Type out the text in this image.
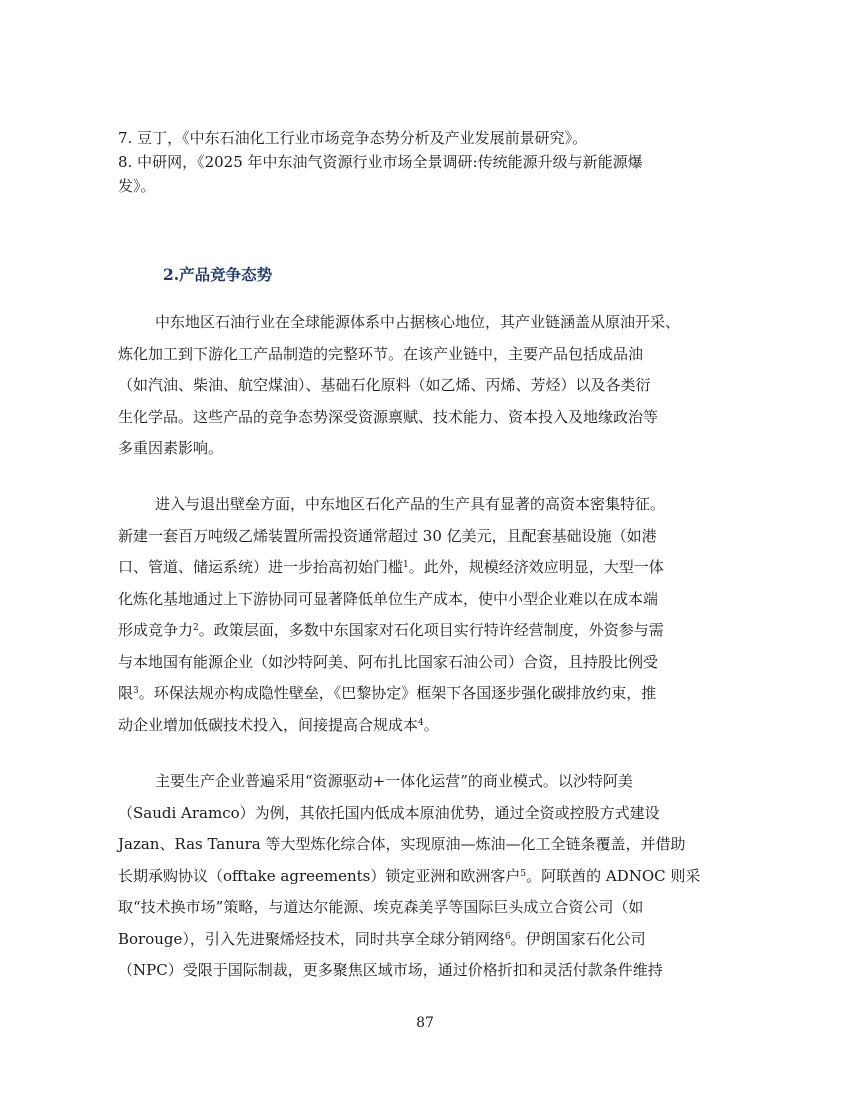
7. 豆丁，《中东石油化工行业市场竞争态势分析及产业发展前景研究》。
8. 中研网，《2025 年中东油气资源行业市场全景调研:传统能源升级与新能源爆
发》。
2.产品竞争态势
中东地区石油行业在全球能源体系中占据核心地位，其产业链涵盖从原油开采、
炼化加工到下游化工产品制造的完整环节。在该产业链中，主要产品包括成品油
（如汽油、柴油、航空煤油）、基础石化原料（如乙烯、丙烯、芳烃）以及各类衍
生化学品。这些产品的竞争态势深受资源禀赋、技术能力、资本投入及地缘政治等
多重因素影响。
进入与退出壁垒方面，中东地区石化产品的生产具有显著的高资本密集特征。
新建一套百万吨级乙烯装置所需投资通常超过 30 亿美元，且配套基础设施（如港
口、管道、储运系统）进一步抬高初始门槛$^1$。此外，规模经济效应明显，大型一体
化炼化基地通过上下游协同可显著降低单位生产成本，使中小型企业难以在成本端
形成竞争力$^2$。政策层面，多数中东国家对石化项目实行特许经营制度，外资参与需
与本地国有能源企业（如沙特阿美、阿布扎比国家石油公司）合资，且持股比例受
限$^3$。环保法规亦构成隐性壁垒，《巴黎协定》框架下各国逐步强化碳排放约束，推
动企业增加低碳技术投入，间接提高合规成本$^4$。
主要生产企业普遍采用“资源驱动+一体化运营”的商业模式。以沙特阿美
（Saudi Aramco）为例，其依托国内低成本原油优势，通过全资或控股方式建设
Jazan、Ras Tanura 等大型炼化综合体，实现原油—炼油—化工全链条覆盖，并借助
长期承购协议（offtake agreements）锁定亚洲和欧洲客户$^5$。阿联酋的 ADNOC 则采
取“技术换市场”策略，与道达尔能源、埃克森美孚等国际巨头成立合资公司（如
Borouge），引入先进聚烯烃技术，同时共享全球分销网络$^6$。伊朗国家石化公司
（NPC）受限于国际制裁，更多聚焦区域市场，通过价格折扣和灵活付款条件维持
87
